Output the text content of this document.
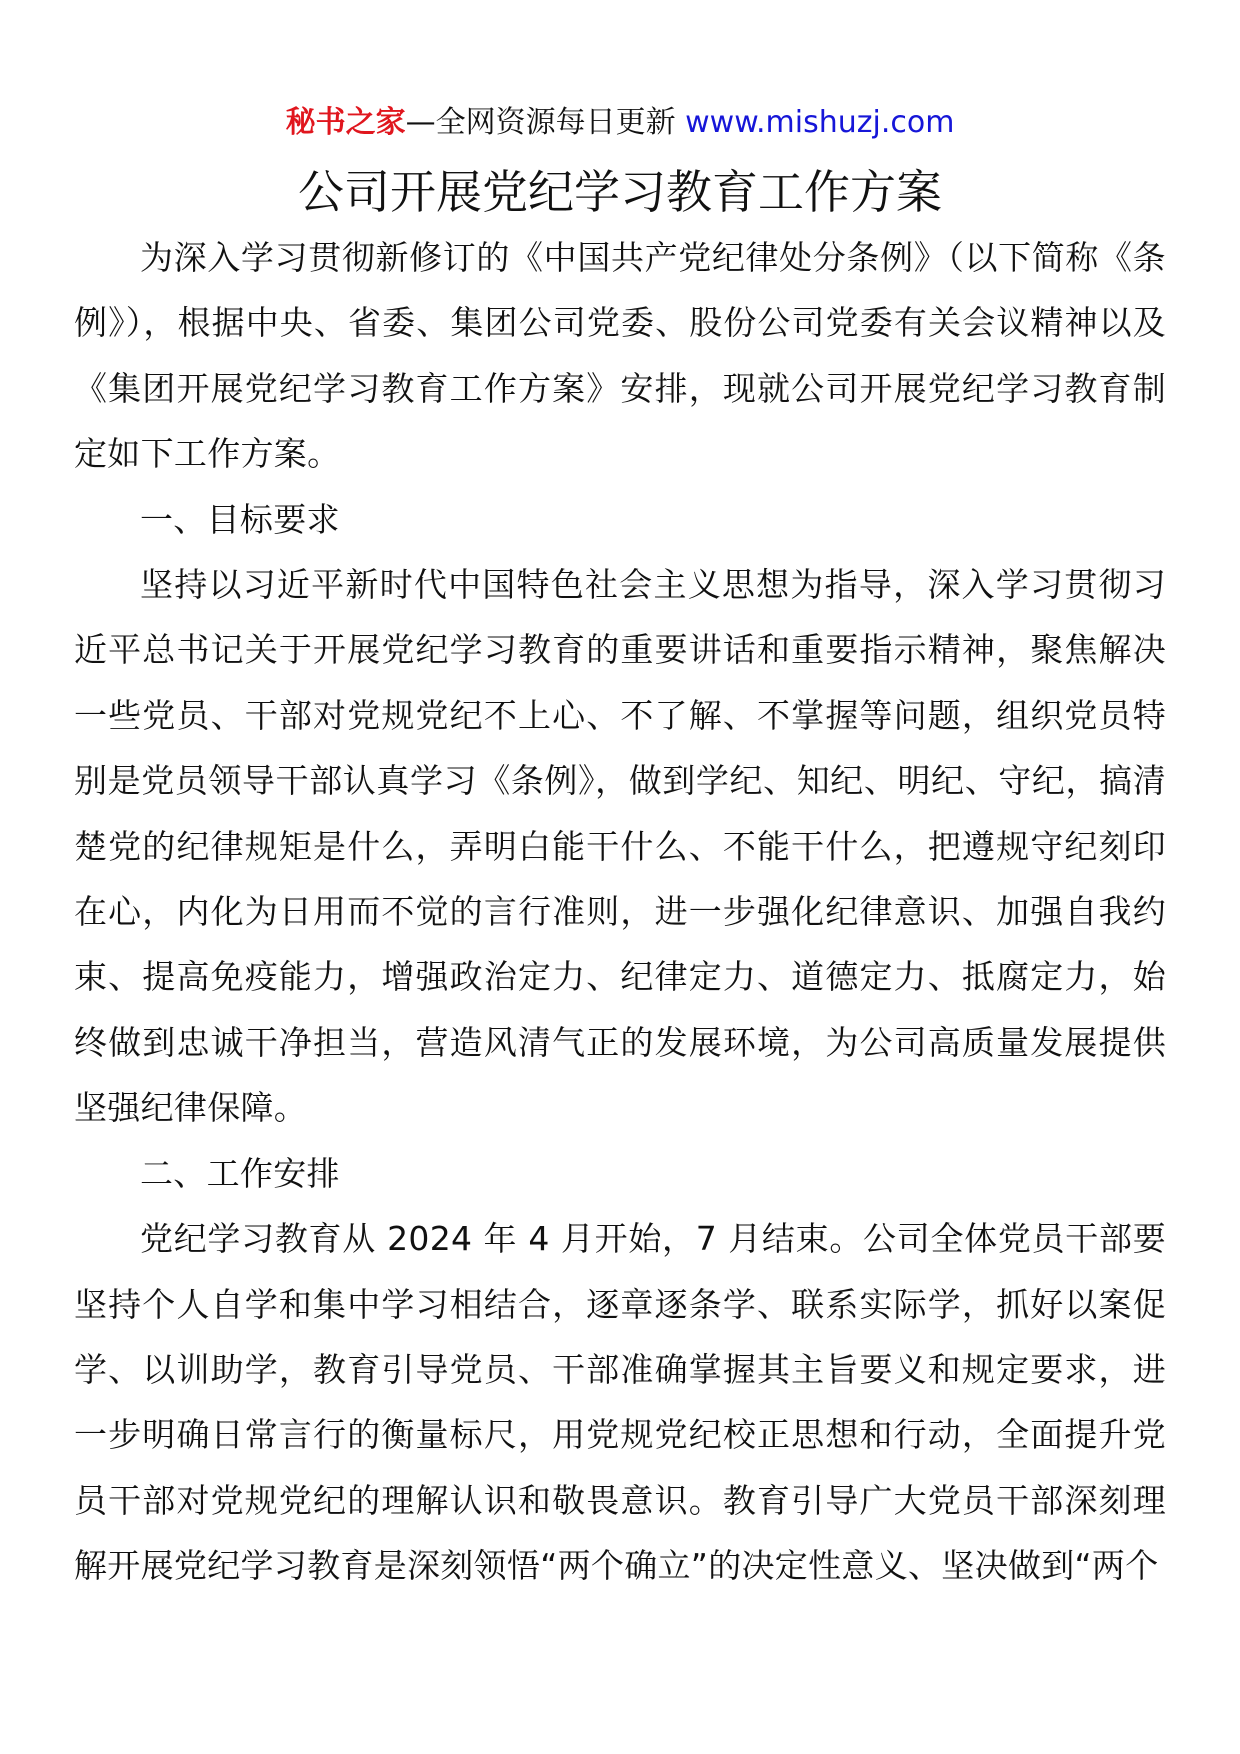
秘书之家—全网资源每日更新 www.mishuzj.com
公司开展党纪学习教育工作方案

为深入学习贯彻新修订的《中国共产党纪律处分条例》（以下简称《条例》），根据中央、省委、集团公司党委、股份公司党委有关会议精神以及《集团开展党纪学习教育工作方案》安排，现就公司开展党纪学习教育制定如下工作方案。

一、目标要求

坚持以习近平新时代中国特色社会主义思想为指导，深入学习贯彻习近平总书记关于开展党纪学习教育的重要讲话和重要指示精神，聚焦解决一些党员、干部对党规党纪不上心、不了解、不掌握等问题，组织党员特别是党员领导干部认真学习《条例》，做到学纪、知纪、明纪、守纪，搞清楚党的纪律规矩是什么，弄明白能干什么、不能干什么，把遵规守纪刻印在心，内化为日用而不觉的言行准则，进一步强化纪律意识、加强自我约束、提高免疫能力，增强政治定力、纪律定力、道德定力、抵腐定力，始终做到忠诚干净担当，营造风清气正的发展环境，为公司高质量发展提供坚强纪律保障。

二、工作安排

党纪学习教育从 2024 年 4 月开始，7 月结束。公司全体党员干部要坚持个人自学和集中学习相结合，逐章逐条学、联系实际学，抓好以案促学、以训助学，教育引导党员、干部准确掌握其主旨要义和规定要求，进一步明确日常言行的衡量标尺，用党规党纪校正思想和行动，全面提升党员干部对党规党纪的理解认识和敬畏意识。教育引导广大党员干部深刻理解开展党纪学习教育是深刻领悟“两个确立”的决定性意义、坚决做到“两个
